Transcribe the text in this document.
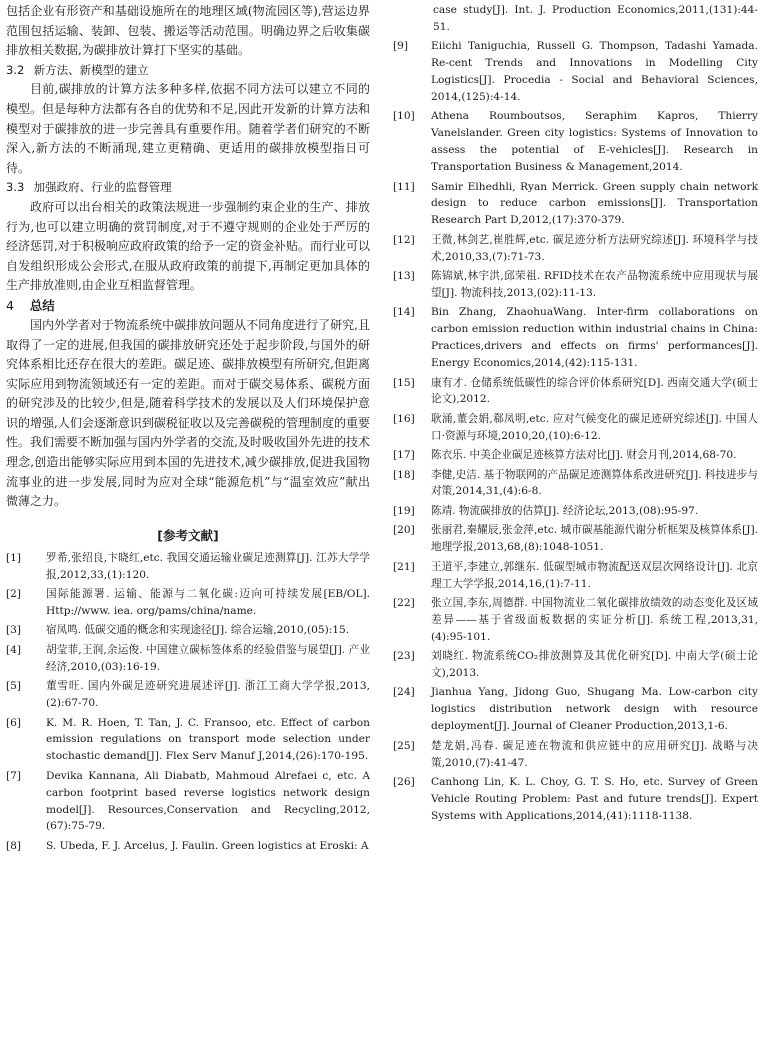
包括企业有形资产和基础设施所在的地理区域(物流园区等),营运边界范围包括运输、装卸、包装、搬运等活动范围。明确边界之后收集碳排放相关数据,为碳排放计算打下坚实的基础。

3.2 新方法、新模型的建立

目前,碳排放的计算方法多种多样,依据不同方法可以建立不同的模型。但是每种方法都有各自的优势和不足,因此开发新的计算方法和模型对于碳排放的进一步完善具有重要作用。随着学者们研究的不断深入,新方法的不断涌现,建立更精确、更适用的碳排放模型指日可待。

3.3 加强政府、行业的监督管理

政府可以出台相关的政策法规进一步强制约束企业的生产、排放行为,也可以建立明确的赏罚制度,对于不遵守规则的企业处于严厉的经济惩罚,对于积极响应政府政策的给予一定的资金补贴。而行业可以自发组织形成公会形式,在服从政府政策的前提下,再制定更加具体的生产排放准则,由企业互相监督管理。

4 总结

国内外学者对于物流系统中碳排放问题从不同角度进行了研究,且取得了一定的进展,但我国的碳排放研究还处于起步阶段,与国外的研究体系相比还存在很大的差距。碳足迹、碳排放模型有所研究,但距离实际应用到物流领域还有一定的差距。而对于碳交易体系、碳税方面的研究涉及的比较少,但是,随着科学技术的发展以及人们环境保护意识的增强,人们会逐渐意识到碳税征收以及完善碳税的管理制度的重要性。我们需要不断加强与国内外学者的交流,及时吸收国外先进的技术理念,创造出能够实际应用到本国的先进技术,减少碳排放,促进我国物流事业的进一步发展,同时为应对全球“能源危机”与“温室效应”献出微薄之力。

[参考文献]
[1]	罗希,张绍良,卞晓红,etc. 我国交通运输业碳足迹测算[J]. 江苏大学学报,2012,33,(1):120.
[2]	国际能源署. 运输、能源与二氧化碳:迈向可持续发展[EB/OL]. Http://www. iea. org/pams/china/name.
[3]	宿凤鸣. 低碳交通的概念和实现途径[J]. 综合运输,2010,(05):15.
[4]	胡莹菲,王润,余运俊. 中国建立碳标签体系的经验借鉴与展望[J]. 产业经济,2010,(03):16-19.
[5]	董雪旺. 国内外碳足迹研究进展述评[J]. 浙江工商大学学报,2013,(2):67-70.
[6]	K. M. R. Hoen, T. Tan, J. C. Fransoo, etc. Effect of carbon emission regulations on transport mode selection under stochastic demand[J]. Flex Serv Manuf J,2014,(26):170-195.
[7]	Devika Kannana, Ali Diabatb, Mahmoud Alrefaei c, etc. A carbon footprint based reverse logistics network design model[J]. Resources,Conservation and Recycling,2012,(67):75-79.
[8]	S. Ubeda, F. J. Arcelus, J. Faulin. Green logistics at Eroski: A
case study[J]. Int. J. Production Economics,2011,(131):44-51.
[9]	Eiichi Taniguchia, Russell G. Thompson, Tadashi Yamada. Re-cent Trends and Innovations in Modelling City Logistics[J]. Procedia - Social and Behavioral Sciences, 2014,(125):4-14.
[10]	Athena Roumboutsos, Seraphim Kapros, Thierry Vanelslander. Green city logistics: Systems of Innovation to assess the potential of E-vehicles[J]. Research in Transportation Business & Management,2014.
[11]	Samir Elhedhli, Ryan Merrick. Green supply chain network design to reduce carbon emissions[J]. Transportation Research Part D,2012,(17):370-379.
[12]	王微,林剑艺,崔胜辉,etc. 碳足迹分析方法研究综述[J]. 环境科学与技术,2010,33,(7):71-73.
[13]	陈锦斌,林宇洪,邱荣祖. RFID技术在农产品物流系统中应用现状与展望[J]. 物流科技,2013,(02):11-13.
[14]	Bin Zhang, ZhaohuaWang. Inter-firm collaborations on carbon emission reduction within industrial chains in China: Practices,drivers and effects on firms' performances[J]. Energy Economics,2014,(42):115-131.
[15]	康有才. 仓储系统低碳性的综合评价体系研究[D]. 西南交通大学(硕士论文),2012.
[16]	耿涌,董会娟,郗凤明,etc. 应对气候变化的碳足迹研究综述[J]. 中国人口·资源与环境,2010,20,(10):6-12.
[17]	陈衣乐. 中美企业碳足迹核算方法对比[J]. 财会月刊,2014,68-70.
[18]	李健,史洁. 基于物联网的产品碳足迹测算体系改进研究[J]. 科技进步与对策,2014,31,(4):6-8.
[19]	陈靖. 物流碳排放的估算[J]. 经济论坛,2013,(08):95-97.
[20]	张丽君,秦耀辰,张金萍,etc. 城市碳基能源代谢分析框架及核算体系[J]. 地理学报,2013,68,(8):1048-1051.
[21]	王道平,李建立,郭继东. 低碳型城市物流配送双层次网络设计[J]. 北京理工大学学报,2014,16,(1):7-11.
[22]	张立国,李东,周德群. 中国物流业二氧化碳排放绩效的动态变化及区域差异——基于省级面板数据的实证分析[J]. 系统工程,2013,31,(4):95-101.
[23]	刘晓红. 物流系统CO₂排放测算及其优化研究[D]. 中南大学(硕士论文),2013.
[24]	Jianhua Yang, Jidong Guo, Shugang Ma. Low-carbon city logistics distribution network design with resource deployment[J]. Journal of Cleaner Production,2013,1-6.
[25]	楚龙娟,冯春. 碳足迹在物流和供应链中的应用研究[J]. 战略与决策,2010,(7):41-47.
[26]	Canhong Lin, K. L. Choy, G. T. S. Ho, etc. Survey of Green Vehicle Routing Problem: Past and future trends[J]. Expert Systems with Applications,2014,(41):1118-1138.
